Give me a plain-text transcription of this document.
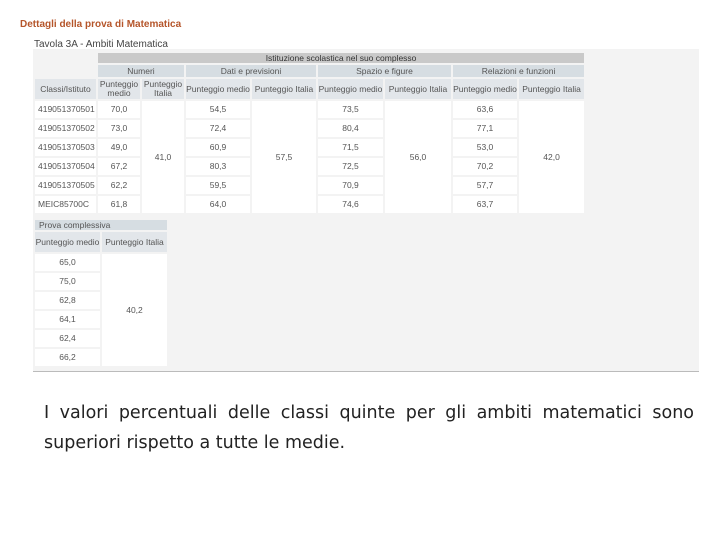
Dettagli della prova di Matematica
Tavola 3A - Ambiti Matematica
	Istituzione scolastica nel suo complesso							
	Numeri		Dati e previsioni		Spazio e figure		Relazioni e funzioni	
Classi/Istituto	Punteggio medio	Punteggio Italia	Punteggio medio	Punteggio Italia	Punteggio medio	Punteggio Italia	Punteggio medio	Punteggio Italia
419051370501	70,0	41,0	54,5	57,5	73,5	56,0	63,6	42,0
419051370502	73,0		72,4		80,4		77,1	
419051370503	49,0		60,9		71,5		53,0	
419051370504	67,2		80,3		72,5		70,2	
419051370505	62,2		59,5		70,9		57,7	
MEIC85700C	61,8		64,0		74,6		63,7	
Prova complessiva	
Punteggio medio	Punteggio Italia
65,0	40,2
75,0	
62,8	
64,1	
62,4	
66,2	
I valori percentuali delle classi quinte per gli ambiti matematici sono superiori rispetto a tutte le medie.
